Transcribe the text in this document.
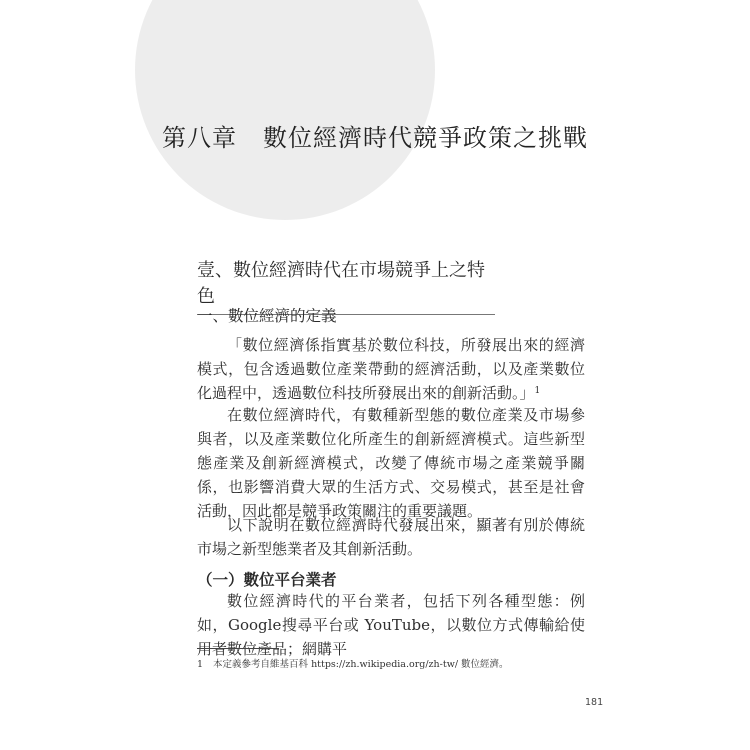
第八章 數位經濟時代競爭政策之挑戰
壹、數位經濟時代在市場競爭上之特色
一、數位經濟的定義

「數位經濟係指實基於數位科技，所發展出來的經濟模式，包含透過數位產業帶動的經濟活動，以及產業數位化過程中，透過數位科技所發展出來的創新活動。」$^1$

在數位經濟時代，有數種新型態的數位產業及市場參與者，以及產業數位化所產生的創新經濟模式。這些新型態產業及創新經濟模式，改變了傳統市場之產業競爭關係，也影響消費大眾的生活方式、交易模式，甚至是社會活動，因此都是競爭政策關注的重要議題。

以下說明在數位經濟時代發展出來，顯著有別於傳統市場之新型態業者及其創新活動。

（一）數位平台業者

數位經濟時代的平台業者，包括下列各種型態：例如，Google搜尋平台或 YouTube，以數位方式傳輸給使用者數位產品；網購平

1 本定義參考自維基百科 https://zh.wikipedia.org/zh-tw/ 數位經濟。
181
